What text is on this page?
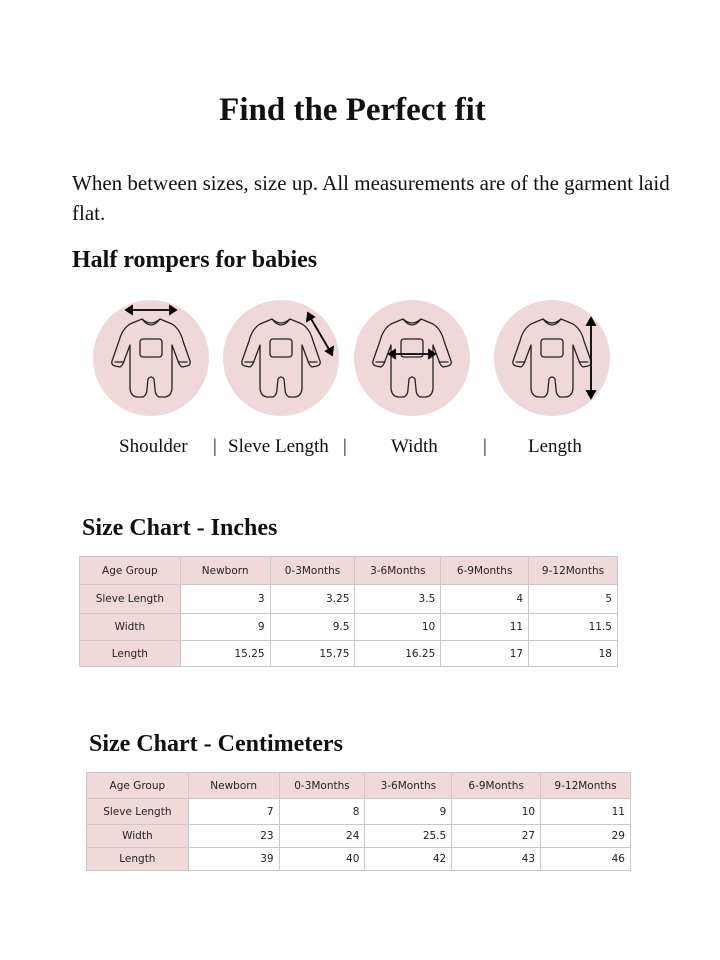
Find the Perfect fit
When between sizes, size up. All measurements are of the garment laid flat.
Half rompers for babies
Shoulder | Sleve Length | Width | Length
Size Chart - Inches
Age Group	Newborn	0-3Months	3-6Months	6-9Months	9-12Months
Sleve Length	3	3.25	3.5	4	5
Width	9	9.5	10	11	11.5
Length	15.25	15.75	16.25	17	18
Size Chart - Centimeters
Age Group	Newborn	0-3Months	3-6Months	6-9Months	9-12Months
Sleve Length	7	8	9	10	11
Width	23	24	25.5	27	29
Length	39	40	42	43	46
